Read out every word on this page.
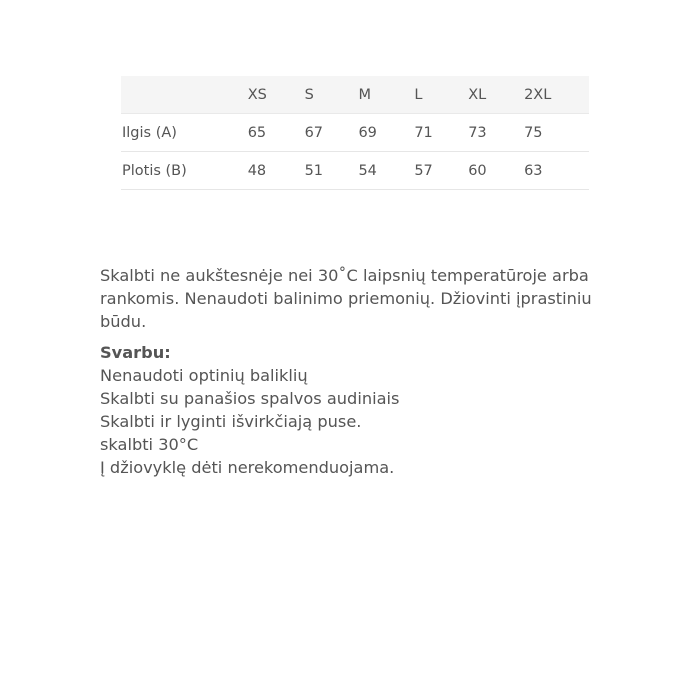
	XS	S	M	L	XL	2XL
Ilgis (A)	65	67	69	71	73	75
Plotis (B)	48	51	54	57	60	63

Skalbti ne aukštesnėje nei 30˚C laipsnių temperatūroje arba rankomis. Nenaudoti balinimo priemonių. Džiovinti įprastiniu būdu.

Svarbu:
Nenaudoti optinių baliklių
Skalbti su panašios spalvos audiniais
Skalbti ir lyginti išvirkčiają puse.
skalbti 30°C
Į džiovyklę dėti nerekomenduojama.
